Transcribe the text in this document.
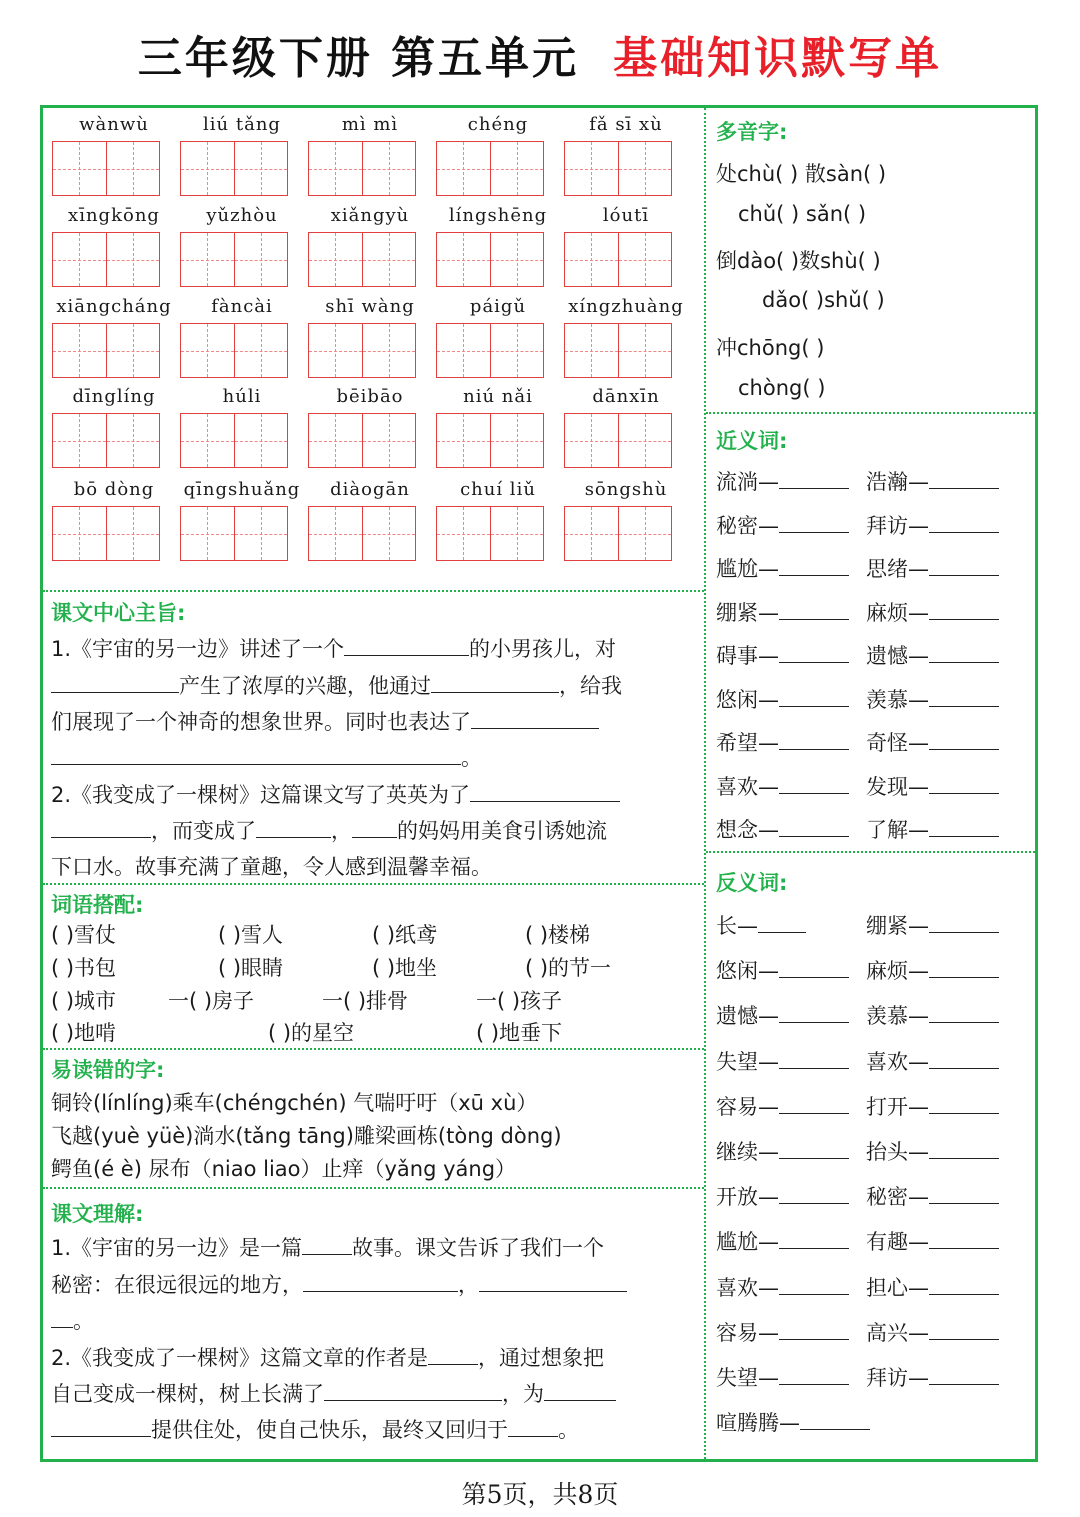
三年级下册 第五单元 基础知识默写单
wànwù	liú tǎng	mì mì	chéng	fǎ sī xù
xīngkōng	yǔzhòu	xiǎngyù	língshēng	lóutī
xiāngcháng	fàncài	shī wàng	páigǔ	xíngzhuàng
dīnglíng	húli	bēibāo	niú nǎi	dānxīn
bō dòng	qīngshuǎng	diàogān	chuí liǔ	sōngshù
课文中心主旨:
1.《宇宙的另一边》讲述了一个	的小男孩儿，对
产生了浓厚的兴趣，他通过	，给我
们展现了一个神奇的想象世界。同时也表达了
。
2.《我变成了一棵树》这篇课文写了英英为了
，而变成了	， 的妈妈用美食引诱她流
下口水。故事充满了童趣，令人感到温馨幸福。
词语搭配:
( )雪仗	( )雪人	( )纸鸢	( )楼梯
( )书包	( )眼睛	( )地坐	( )的节一
( )城市 一( )房子	一( )排骨	一( )孩子
( )地啃	( )的星空	( )地垂下
易读错的字:
铜铃(línlíng)乘车(chéngchén) 气喘吁吁（xū xù）
飞越(yuè yüè)淌水(tǎng tāng)雕梁画栋(tòng dòng)
鳄鱼(é è) 尿布（niao liao）止痒（yǎng yáng）
课文理解:
1.《宇宙的另一边》是一篇 故事。课文告诉了我们一个
秘密：在很远很远的地方，	，
。
2.《我变成了一棵树》这篇文章的作者是 ，通过想象把
自己变成一棵树，树上长满了	，为
提供住处，使自己快乐，最终又回归于 。
多音字:
处chù( ) 散sàn( )
chǔ( ) sǎn( )
倒dào( )数shù( )
dǎo( )shǔ( )
冲chōng( )
chòng( )
近义词:
流淌—	浩瀚—
秘密—	拜访—
尴尬—	思绪—
绷紧—	麻烦—
碍事—	遗憾—
悠闲—	羡慕—
希望—	奇怪—
喜欢—	发现—
想念—	了解—
反义词:
长—	绷紧—
悠闲—	麻烦—
遗憾—	羡慕—
失望—	喜欢—
容易—	打开—
继续—	抬头—
开放—	秘密—
尴尬—	有趣—
喜欢—	担心—
容易—	高兴—
失望—	拜访—
喧腾腾—
第5页，共8页
